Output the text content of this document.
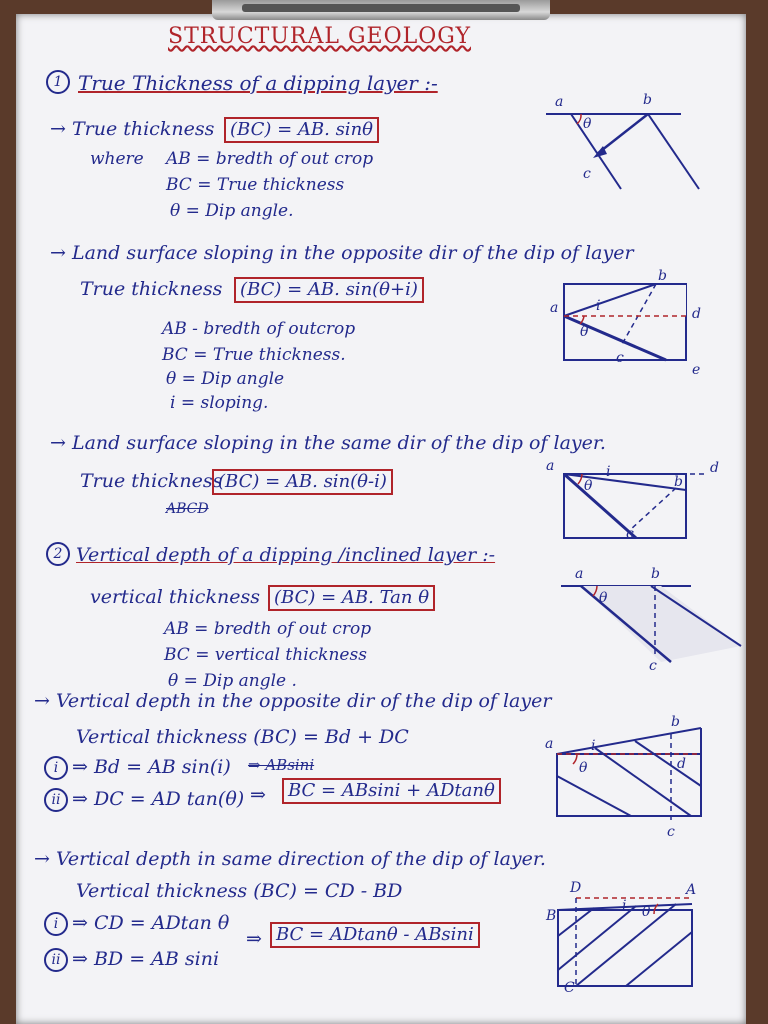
STRUCTURAL GEOLOGY
1 True Thickness of a dipping layer :-
→ True thickness (BC) = AB. sinθ
where AB = bredth of out crop
BC = True thickness
θ = Dip angle.
a	b
c
θ
→ Land surface sloping in the opposite dir of the dip of layer
True thickness (BC) = AB. sin(θ+i)
AB - bredth of outcrop
BC = True thickness.
θ = Dip angle
i = sloping.
a
b
c
d
e
θ
i
→ Land surface sloping in the same dir of the dip of layer.
True thickness
(BC) = AB. sin(θ-i)
ABCD
a
b
c
d
θ
i
2 Vertical depth of a dipping /inclined layer :-
vertical thickness (BC) = AB. Tan θ
AB = bredth of out crop
BC = vertical thickness
θ = Dip angle .
a	b
c
θ
→ Vertical depth in the opposite dir of the dip of layer
Vertical thickness (BC) = Bd + DC
i ⇒ Bd = AB sin(i) ⇒ ABsini
ii ⇒ DC = AD tan(θ) ⇒	BC = ABsini + ADtanθ
a
b
c
d
θ
i
→ Vertical depth in same direction of the dip of layer.
Vertical thickness (BC) = CD - BD
i ⇒ CD = ADtan θ
ii ⇒ BD = AB sini
⇒ BC = ADtanθ - ABsini
A
B
C
D
θ
i
